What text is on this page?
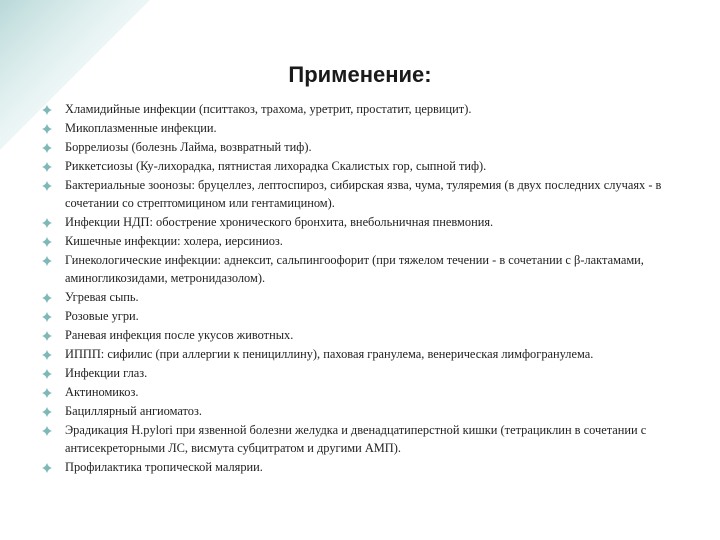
Применение:
Хламидийные инфекции (пситтакоз, трахома, уретрит, простатит, цервицит).
Микоплазменные инфекции.
Боррелиозы (болезнь Лайма, возвратный тиф).
Риккетсиозы (Ку-лихорадка, пятнистая лихорадка Скалистых гор, сыпной тиф).
Бактериальные зоонозы: бруцеллез, лептоспироз, сибирская язва, чума, туляремия (в двух последних случаях - в сочетании со стрептомицином или гентамицином).
Инфекции НДП: обострение хронического бронхита, внебольничная пневмония.
Кишечные инфекции: холера, иерсиниоз.
Гинекологические инфекции: аднексит, сальпингоофорит (при тяжелом течении - в сочетании с β-лактамами, аминогликозидами, метронидазолом).
Угревая сыпь.
Розовые угри.
Раневая инфекция после укусов животных.
ИППП: сифилис (при аллергии к пенициллину), паховая гранулема, венерическая лимфогранулема.
Инфекции глаз.
Актиномикоз.
Бациллярный ангиоматоз.
Эрадикация H.pylori при язвенной болезни желудка и двенадцатиперстной кишки (тетрациклин в сочетании с антисекреторными ЛС, висмута субцитратом и другими АМП).
Профилактика тропической малярии.
